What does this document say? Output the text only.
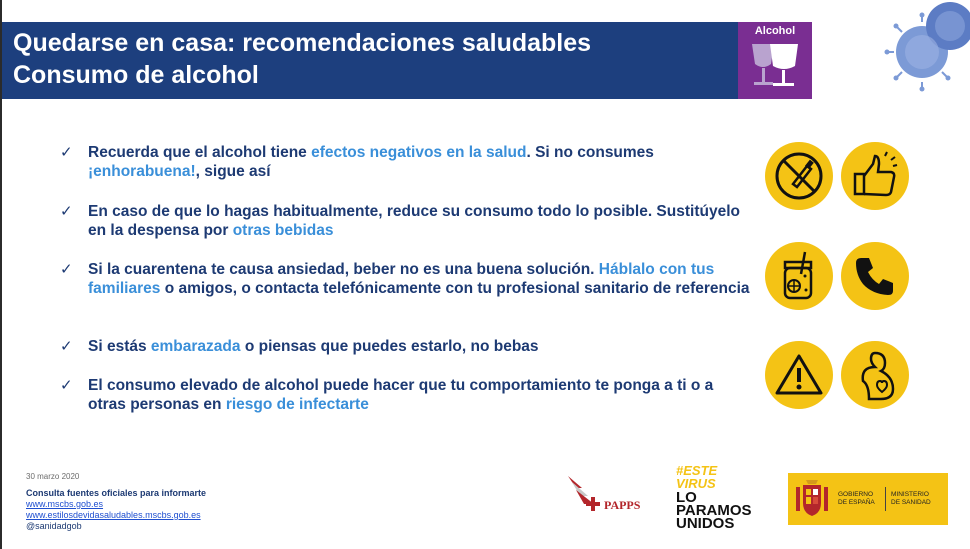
Quedarse en casa: recomendaciones saludables
Consumo de alcohol
Alcohol
✓ Recuerda que el alcohol tiene efectos negativos en la salud. Si no consumes ¡enhorabuena!, sigue así
✓ En caso de que lo hagas habitualmente, reduce su consumo todo lo posible. Sustitúyelo en la despensa por otras bebidas
✓ Si la cuarentena te causa ansiedad, beber no es una buena solución. Háblalo con tus familiares o amigos, o contacta telefónicamente con tu profesional sanitario de referencia
✓ Si estás embarazada o piensas que puedes estarlo, no bebas
✓ El consumo elevado de alcohol puede hacer que tu comportamiento te ponga a ti o a otras personas en riesgo de infectarte
30 marzo 2020
Consulta fuentes oficiales para informarte
www.mscbs.gob.es
www.estilosdevidasaludables.mscbs.gob.es
@sanidadgob
PAPPS
#ESTE
VIRUS
LO
PARAMOS
UNIDOS
GOBIERNO
DE ESPAÑA
MINISTERIO
DE SANIDAD
